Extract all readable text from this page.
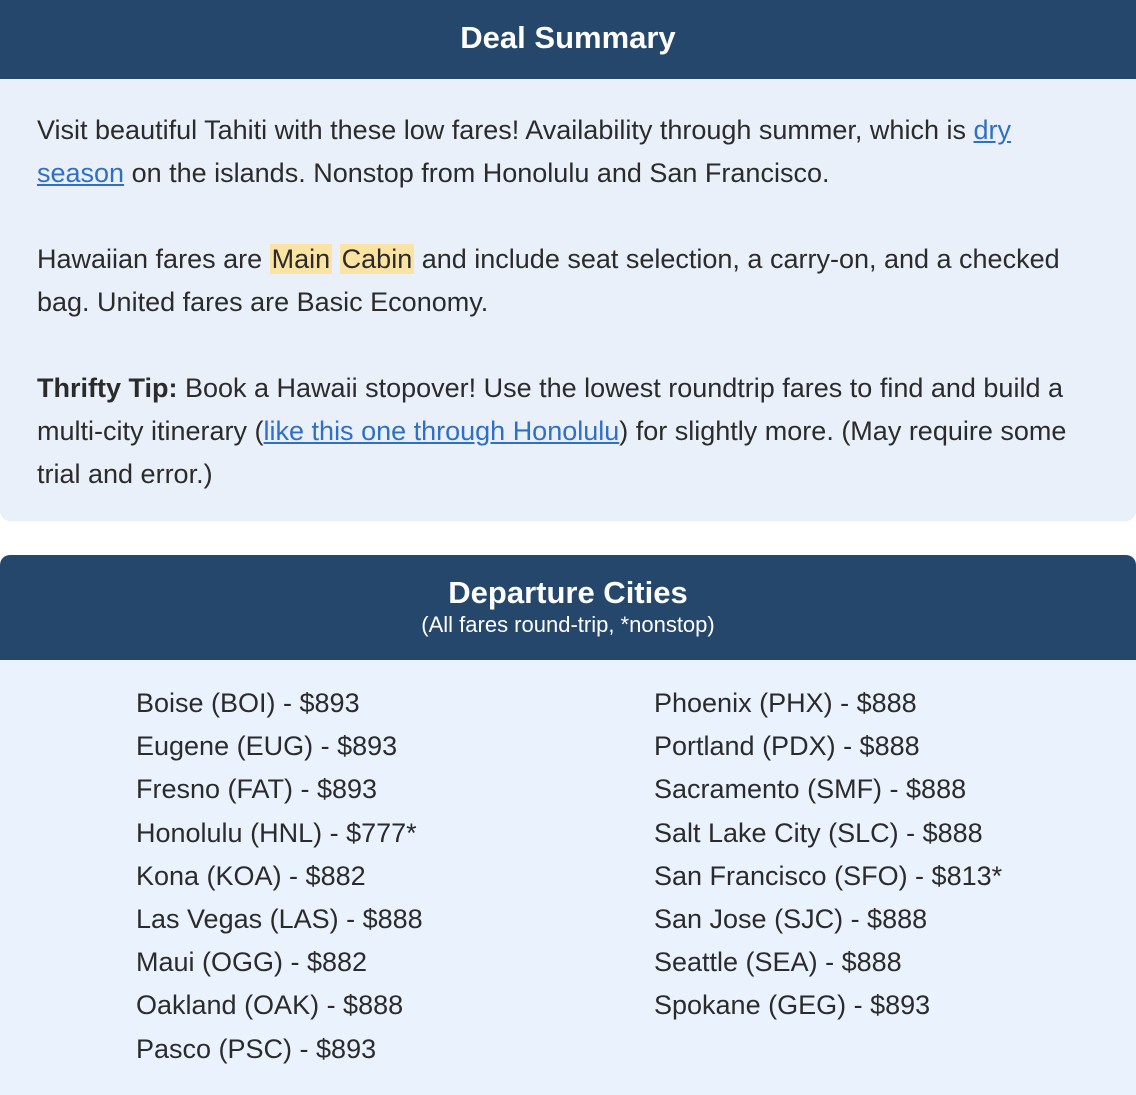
Deal Summary

Visit beautiful Tahiti with these low fares! Availability through summer, which is dry season on the islands. Nonstop from Honolulu and San Francisco.

Hawaiian fares are Main Cabin and include seat selection, a carry-on, and a checked bag. United fares are Basic Economy.

Thrifty Tip: Book a Hawaii stopover! Use the lowest roundtrip fares to find and build a multi-city itinerary (like this one through Honolulu) for slightly more. (May require some trial and error.)

Departure Cities
(All fares round-trip, *nonstop)
Boise (BOI) - $893
Eugene (EUG) - $893
Fresno (FAT) - $893
Honolulu (HNL) - $777*
Kona (KOA) - $882
Las Vegas (LAS) - $888
Maui (OGG) - $882
Oakland (OAK) - $888
Pasco (PSC) - $893
Phoenix (PHX) - $888
Portland (PDX) - $888
Sacramento (SMF) - $888
Salt Lake City (SLC) - $888
San Francisco (SFO) - $813*
San Jose (SJC) - $888
Seattle (SEA) - $888
Spokane (GEG) - $893
